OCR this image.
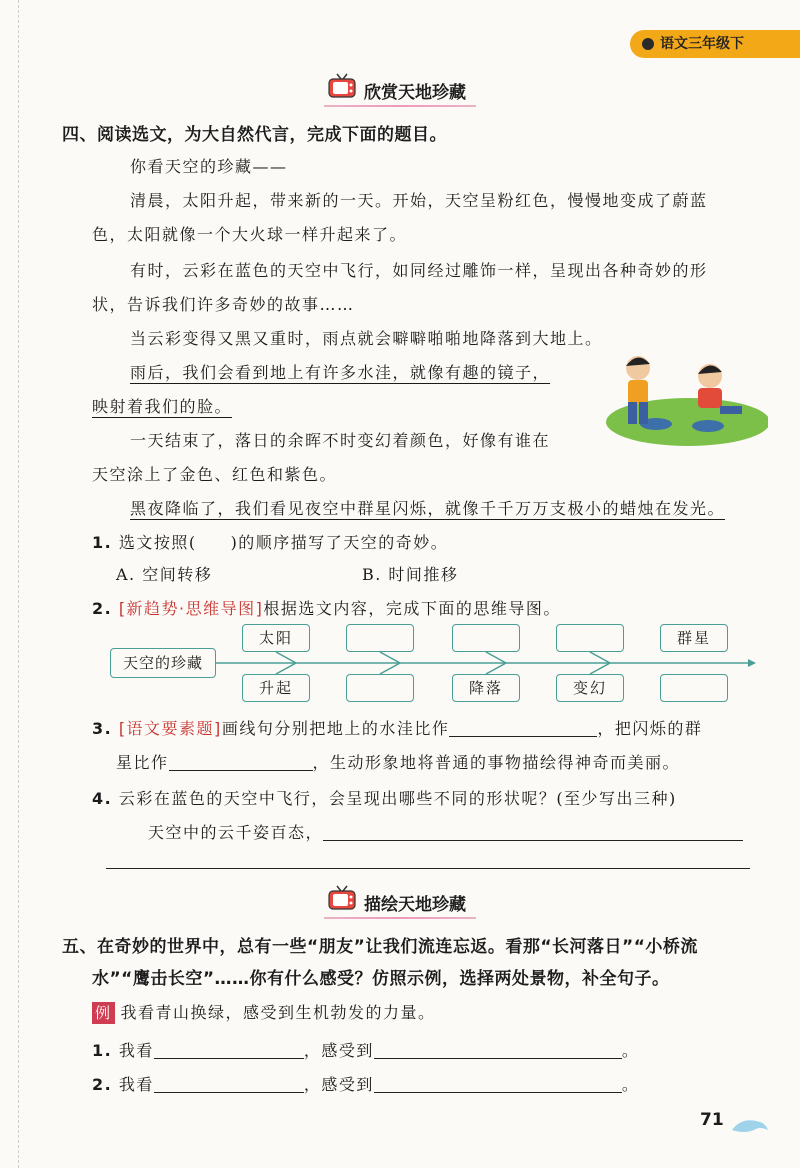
语文三年级下
欣赏天地珍藏
四、阅读选文，为大自然代言，完成下面的题目。
你看天空的珍藏——
清晨，太阳升起，带来新的一天。开始，天空呈粉红色，慢慢地变成了蔚蓝
色，太阳就像一个大火球一样升起来了。
有时，云彩在蓝色的天空中飞行，如同经过雕饰一样，呈现出各种奇妙的形
状，告诉我们许多奇妙的故事……
当云彩变得又黑又重时，雨点就会噼噼啪啪地降落到大地上。
雨后，我们会看到地上有许多水洼，就像有趣的镜子，
映射着我们的脸。
一天结束了，落日的余晖不时变幻着颜色，好像有谁在
天空涂上了金色、红色和紫色。
黑夜降临了，我们看见夜空中群星闪烁，就像千千万万支极小的蜡烛在发光。
1. 选文按照( )的顺序描写了天空的奇妙。
A. 空间转移	B. 时间推移
2. [新趋势·思维导图]根据选文内容，完成下面的思维导图。
天空的珍藏
太阳	群星
升起	降落	变幻
3. [语文要素题]画线句分别把地上的水洼比作	，把闪烁的群
星比作	，生动形象地将普通的事物描绘得神奇而美丽。
4. 云彩在蓝色的天空中飞行，会呈现出哪些不同的形状呢？(至少写出三种)
天空中的云千姿百态，
描绘天地珍藏
五、在奇妙的世界中，总有一些“朋友”让我们流连忘返。看那“长河落日”“小桥流
水”“鹰击长空”……你有什么感受？仿照示例，选择两处景物，补全句子。
例 我看青山换绿，感受到生机勃发的力量。
1. 我看	，感受到	。
2. 我看	，感受到	。
71
